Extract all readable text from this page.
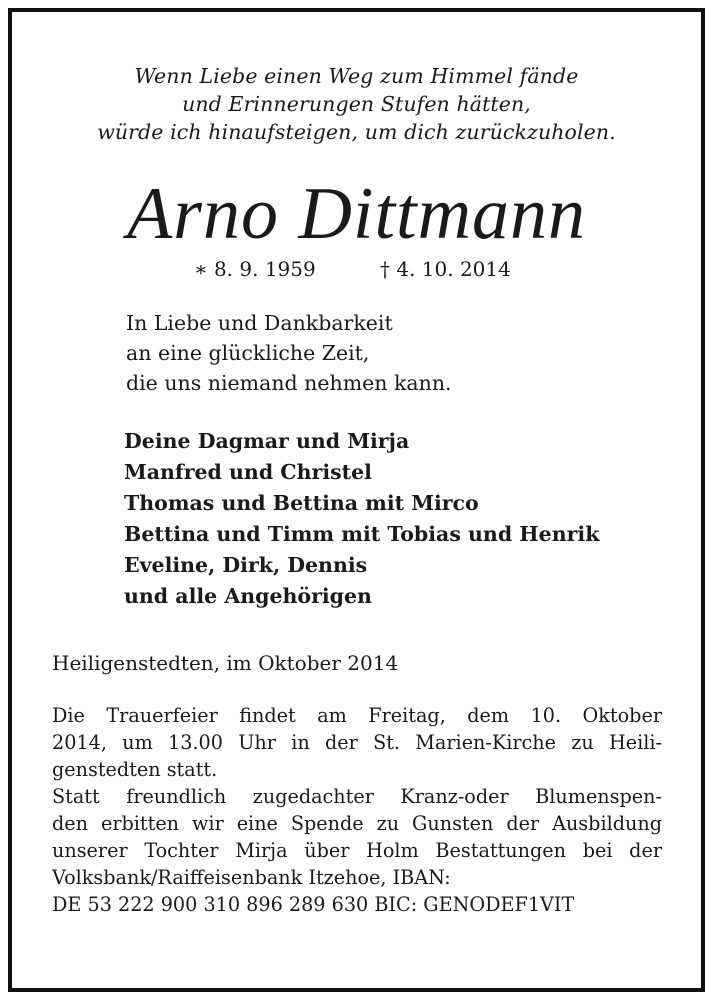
Wenn Liebe einen Weg zum Himmel fände
und Erinnerungen Stufen hätten,
würde ich hinaufsteigen, um dich zurückzuholen.
Arno Dittmann
∗ 8. 9. 1959	† 4. 10. 2014
In Liebe und Dankbarkeit
an eine glückliche Zeit,
die uns niemand nehmen kann.
Deine Dagmar und Mirja
Manfred und Christel
Thomas und Bettina mit Mirco
Bettina und Timm mit Tobias und Henrik
Eveline, Dirk, Dennis
und alle Angehörigen
Heiligenstedten, im Oktober 2014
Die Trauerfeier findet am Freitag, dem 10. Oktober
2014, um 13.00 Uhr in der St. Marien-Kirche zu Heili-
genstedten statt.
Statt freundlich zugedachter Kranz-oder Blumenspen-
den erbitten wir eine Spende zu Gunsten der Ausbildung
unserer Tochter Mirja über Holm Bestattungen bei der
Volksbank/Raiffeisenbank Itzehoe, IBAN:
DE 53 222 900 310 896 289 630 BIC: GENODEF1VIT
